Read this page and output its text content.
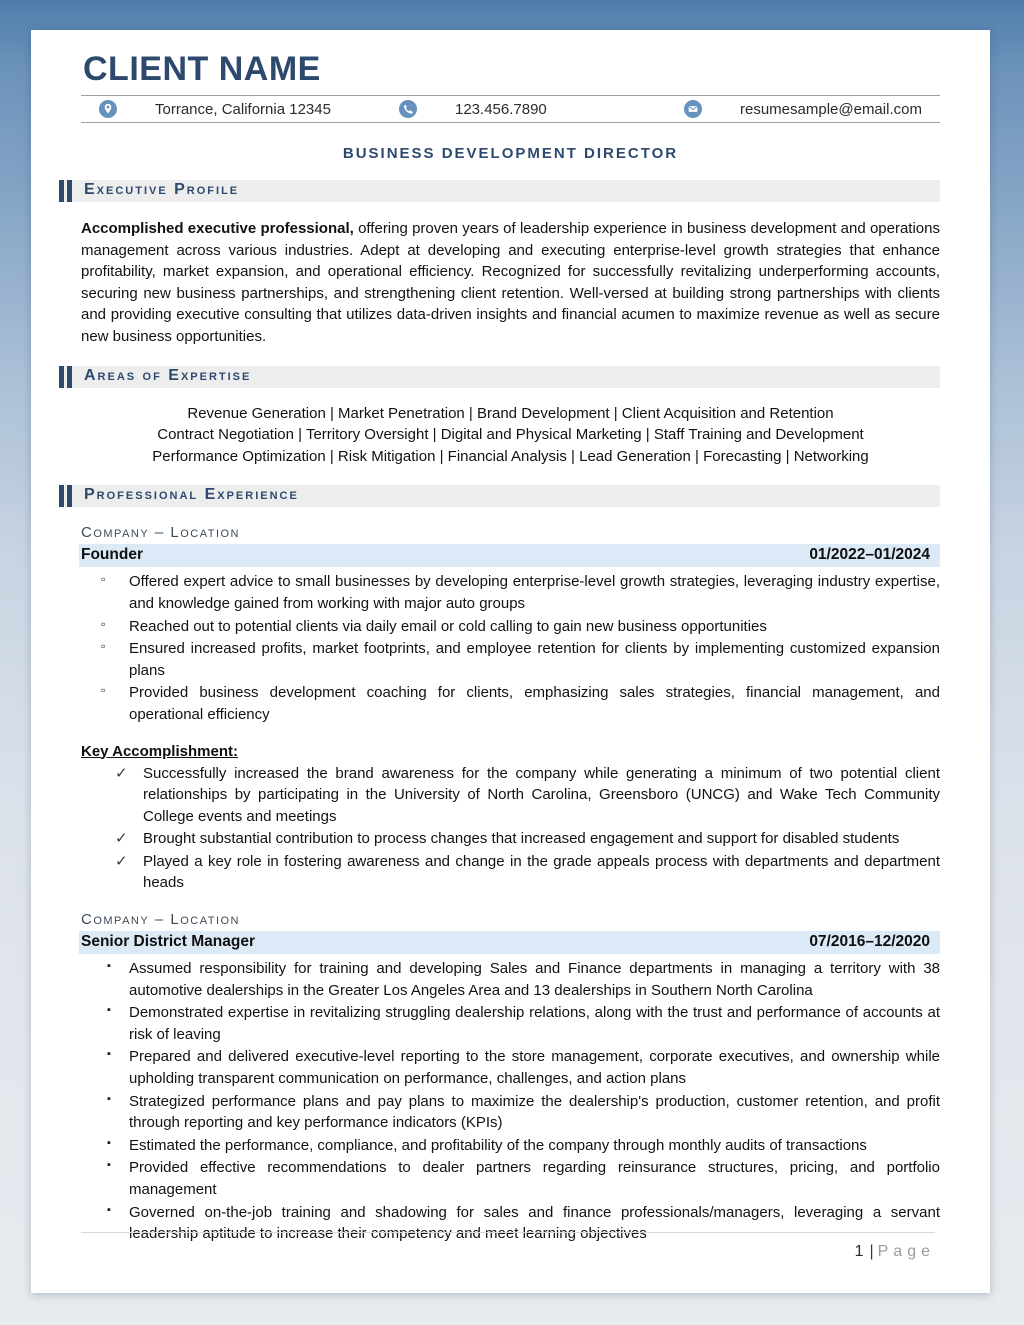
CLIENT NAME
Torrance, California 12345	123.456.7890	resumesample@email.com
BUSINESS DEVELOPMENT DIRECTOR
Executive Profile

Accomplished executive professional, offering proven years of leadership experience in business development and operations management across various industries. Adept at developing and executing enterprise-level growth strategies that enhance profitability, market expansion, and operational efficiency. Recognized for successfully revitalizing underperforming accounts, securing new business partnerships, and strengthening client retention. Well-versed at building strong partnerships with clients and providing executive consulting that utilizes data-driven insights and financial acumen to maximize revenue as well as secure new business opportunities.

Areas of Expertise
Revenue Generation | Market Penetration | Brand Development | Client Acquisition and Retention
Contract Negotiation | Territory Oversight | Digital and Physical Marketing | Staff Training and Development
Performance Optimization | Risk Mitigation | Financial Analysis | Lead Generation | Forecasting | Networking
Professional Experience
Company – Location
Founder	01/2022–01/2024
▫ Offered expert advice to small businesses by developing enterprise-level growth strategies, leveraging industry expertise, and knowledge gained from working with major auto groups
▫ Reached out to potential clients via daily email or cold calling to gain new business opportunities
▫ Ensured increased profits, market footprints, and employee retention for clients by implementing customized expansion plans
▫ Provided business development coaching for clients, emphasizing sales strategies, financial management, and operational efficiency
Key Accomplishment:
✓ Successfully increased the brand awareness for the company while generating a minimum of two potential client relationships by participating in the University of North Carolina, Greensboro (UNCG) and Wake Tech Community College events and meetings
✓ Brought substantial contribution to process changes that increased engagement and support for disabled students
✓ Played a key role in fostering awareness and change in the grade appeals process with departments and department heads
Company – Location
Senior District Manager	07/2016–12/2020
▪ Assumed responsibility for training and developing Sales and Finance departments in managing a territory with 38 automotive dealerships in the Greater Los Angeles Area and 13 dealerships in Southern North Carolina
▪ Demonstrated expertise in revitalizing struggling dealership relations, along with the trust and performance of accounts at risk of leaving
▪ Prepared and delivered executive-level reporting to the store management, corporate executives, and ownership while upholding transparent communication on performance, challenges, and action plans
▪ Strategized performance plans and pay plans to maximize the dealership's production, customer retention, and profit through reporting and key performance indicators (KPIs)
▪ Estimated the performance, compliance, and profitability of the company through monthly audits of transactions
▪ Provided effective recommendations to dealer partners regarding reinsurance structures, pricing, and portfolio management
▪ Governed on-the-job training and shadowing for sales and finance professionals/managers, leveraging a servant leadership aptitude to increase their competency and meet learning objectives
1 | Page
